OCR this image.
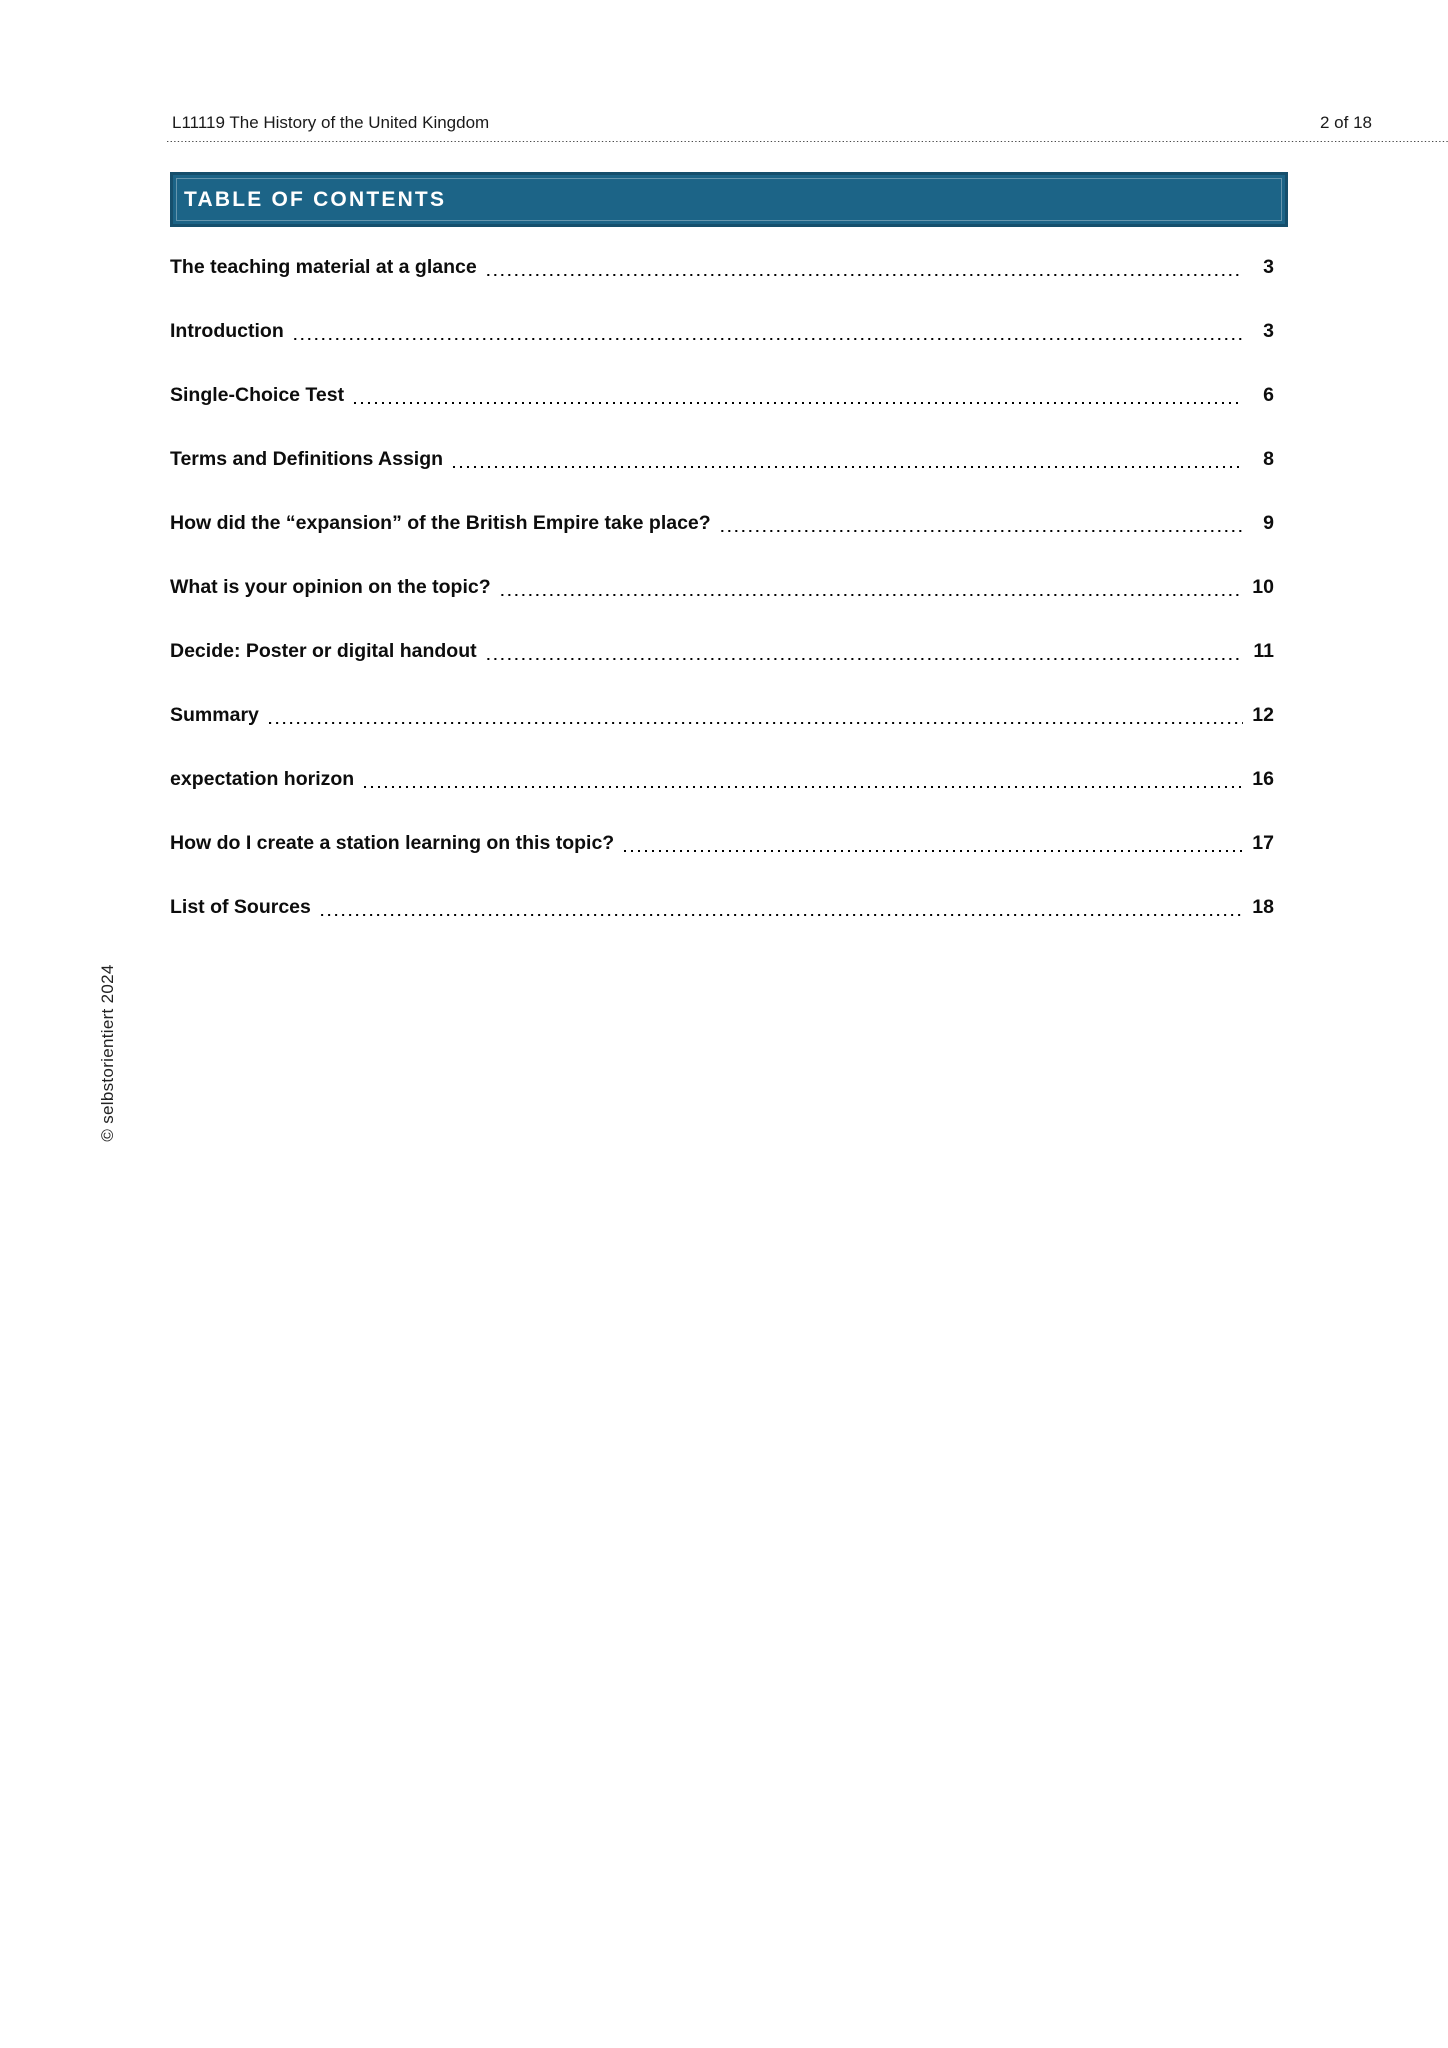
L11119 The History of the United Kingdom	2 of 18
TABLE OF CONTENTS
The teaching material at a glance	3
Introduction	3
Single-Choice Test	6
Terms and Definitions Assign	8
How did the “expansion” of the British Empire take place?	9
What is your opinion on the topic?	10
Decide: Poster or digital handout	11
Summary	12
expectation horizon	16
How do I create a station learning on this topic?	17
List of Sources	18
© selbstorientiert 2024
